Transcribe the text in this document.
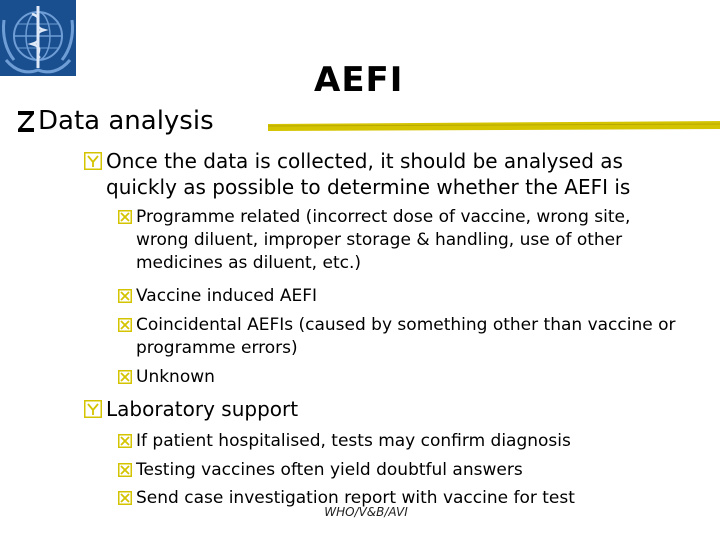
AEFI
Data analysis

Once the data is collected, it should be analysed as quickly as possible to determine whether the AEFI is

Programme related (incorrect dose of vaccine, wrong site, wrong diluent, improper storage & handling, use of other medicines as diluent, etc.)

Vaccine induced AEFI

Coincidental AEFIs (caused by something other than vaccine or programme errors)

Unknown

Laboratory support

If patient hospitalised, tests may confirm diagnosis

Testing vaccines often yield doubtful answers

Send case investigation report with vaccine for test

WHO/V&B/AVI
